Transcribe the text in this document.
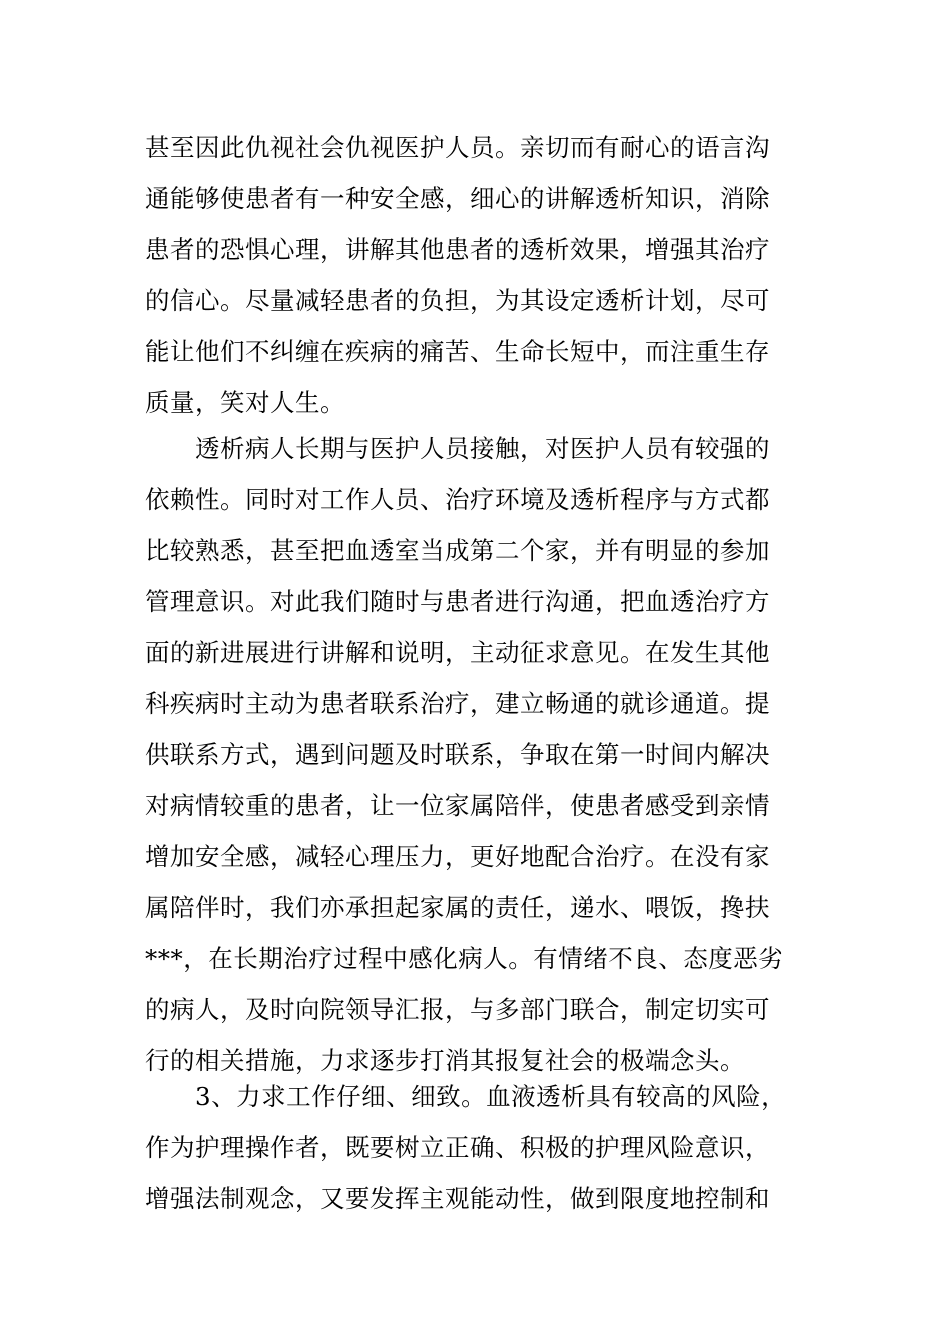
甚至因此仇视社会仇视医护人员。亲切而有耐心的语言沟
通能够使患者有一种安全感，细心的讲解透析知识，消除
患者的恐惧心理，讲解其他患者的透析效果，增强其治疗
的信心。尽量减轻患者的负担，为其设定透析计划，尽可
能让他们不纠缠在疾病的痛苦、生命长短中，而注重生存
质量，笑对人生。
透析病人长期与医护人员接触，对医护人员有较强的
依赖性。同时对工作人员、治疗环境及透析程序与方式都
比较熟悉，甚至把血透室当成第二个家，并有明显的参加
管理意识。对此我们随时与患者进行沟通，把血透治疗方
面的新进展进行讲解和说明，主动征求意见。在发生其他
科疾病时主动为患者联系治疗，建立畅通的就诊通道。提
供联系方式，遇到问题及时联系，争取在第一时间内解决
对病情较重的患者，让一位家属陪伴，使患者感受到亲情
增加安全感，减轻心理压力，更好地配合治疗。在没有家
属陪伴时，我们亦承担起家属的责任，递水、喂饭，搀扶
***，在长期治疗过程中感化病人。有情绪不良、态度恶劣
的病人，及时向院领导汇报，与多部门联合，制定切实可
行的相关措施，力求逐步打消其报复社会的极端念头。
3、力求工作仔细、细致。血液透析具有较高的风险，
作为护理操作者，既要树立正确、积极的护理风险意识，
增强法制观念，又要发挥主观能动性，做到限度地控制和
